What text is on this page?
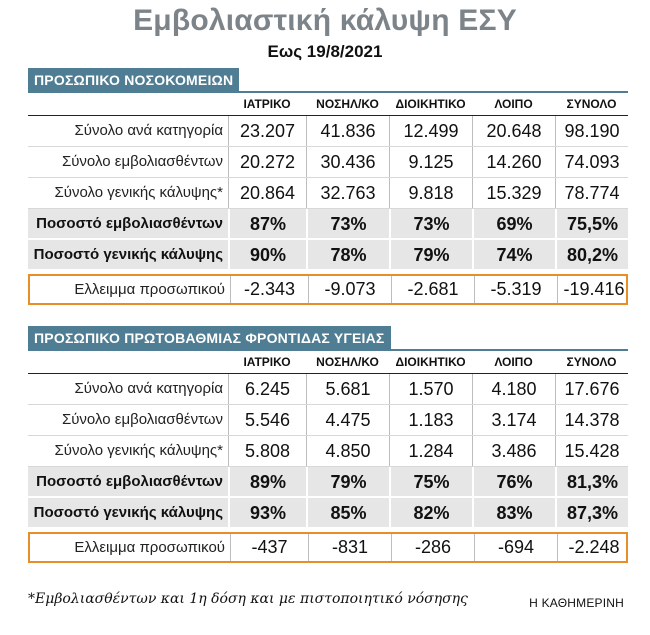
Εμβολιαστική κάλυψη ΕΣΥ
Εως 19/8/2021
ΠΡΟΣΩΠΙΚΟ ΝΟΣΟΚΟΜΕΙΩΝ
ΙΑΤΡΙΚΟ	ΝΟΣΗΛ/ΚΟ	ΔΙΟΙΚΗΤΙΚΟ	ΛΟΙΠΟ	ΣΥΝΟΛΟ
Σύνολο ανά κατηγορία 23.207	41.836	12.499	20.648	98.190
Σύνολο εμβολιασθέντων 20.272	30.436	9.125	14.260	74.093
Σύνολο γενικής κάλυψης* 20.864	32.763	9.818	15.329	78.774
Ποσοστό εμβολιασθέντων	87%	73%	73%	69%	75,5%
Ποσοστό γενικής κάλυψης	90%	78%	79%	74%	80,2%
Ελλειμμα προσωπικού	-2.343	-9.073	-2.681	-5.319	-19.416
ΠΡΟΣΩΠΙΚΟ ΠΡΩΤΟΒΑΘΜΙΑΣ ΦΡΟΝΤΙΔΑΣ ΥΓΕΙΑΣ
ΙΑΤΡΙΚΟ	ΝΟΣΗΛ/ΚΟ	ΔΙΟΙΚΗΤΙΚΟ	ΛΟΙΠΟ	ΣΥΝΟΛΟ
Σύνολο ανά κατηγορία	6.245	5.681	1.570	4.180	17.676
Σύνολο εμβολιασθέντων	5.546	4.475	1.183	3.174	14.378
Σύνολο γενικής κάλυψης*	5.808	4.850	1.284	3.486	15.428
Ποσοστό εμβολιασθέντων	89%	79%	75%	76%	81,3%
Ποσοστό γενικής κάλυψης	93%	85%	82%	83%	87,3%
Ελλειμμα προσωπικού	-437	-831	-286	-694	-2.248
*Εμβολιασθέντων και 1η δόση και με πιστοποιητικό νόσησης	Η ΚΑΘΗΜΕΡΙΝΗ
